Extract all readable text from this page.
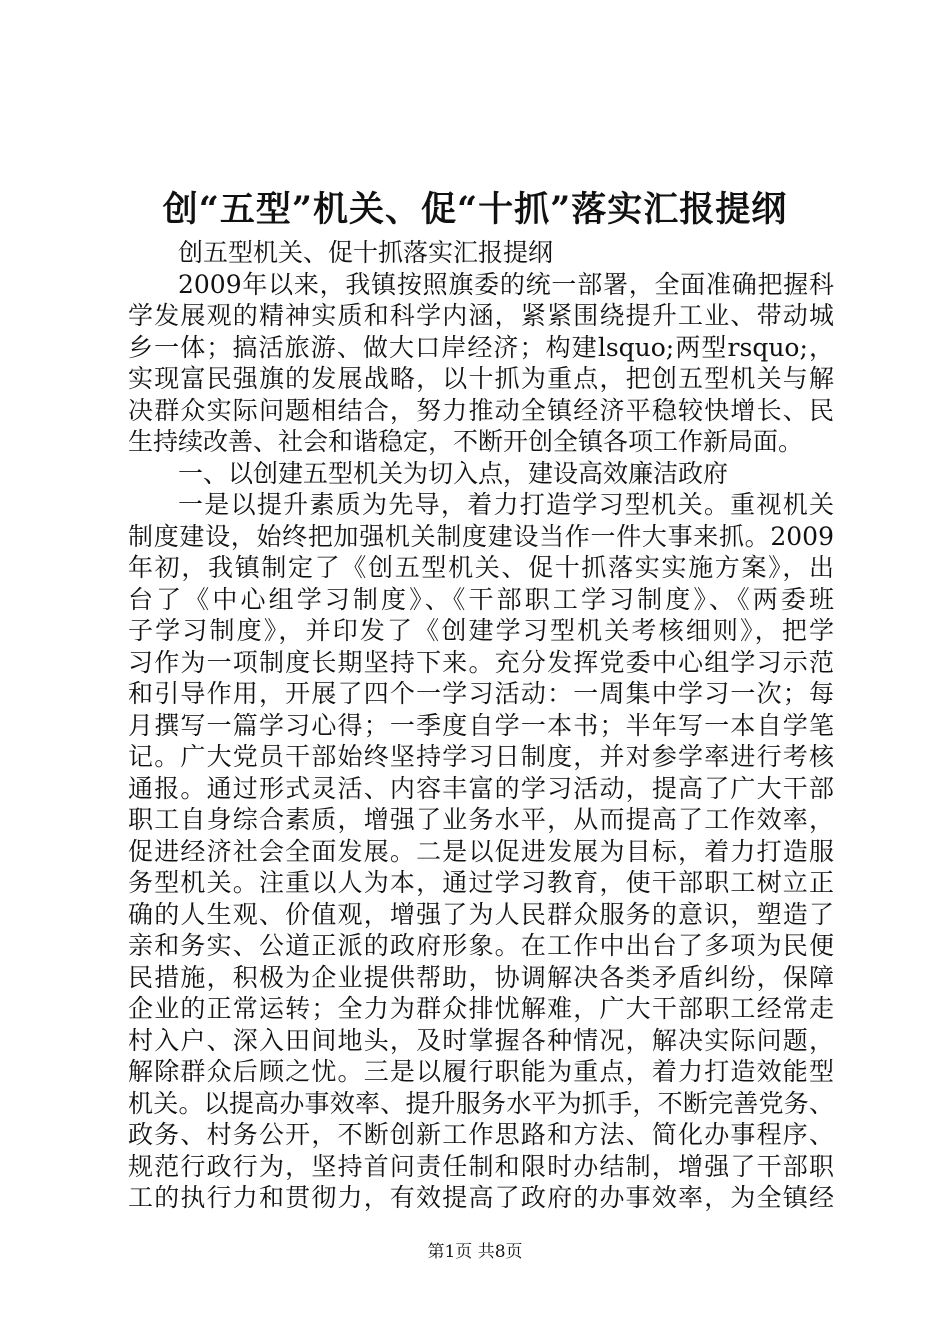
创“五型”机关、促“十抓”落实汇报提纲
创五型机关、促十抓落实汇报提纲
2009年以来，我镇按照旗委的统一部署，全面准确把握科
学发展观的精神实质和科学内涵，紧紧围绕提升工业、带动城
乡一体；搞活旅游、做大口岸经济；构建lsquo;两型rsquo;，
实现富民强旗的发展战略，以十抓为重点，把创五型机关与解
决群众实际问题相结合，努力推动全镇经济平稳较快增长、民
生持续改善、社会和谐稳定，不断开创全镇各项工作新局面。
一、以创建五型机关为切入点，建设高效廉洁政府
一是以提升素质为先导，着力打造学习型机关。重视机关
制度建设，始终把加强机关制度建设当作一件大事来抓。2009
年初，我镇制定了《创五型机关、促十抓落实实施方案》，出
台了《中心组学习制度》、《干部职工学习制度》、《两委班
子学习制度》，并印发了《创建学习型机关考核细则》，把学
习作为一项制度长期坚持下来。充分发挥党委中心组学习示范
和引导作用，开展了四个一学习活动：一周集中学习一次；每
月撰写一篇学习心得；一季度自学一本书；半年写一本自学笔
记。广大党员干部始终坚持学习日制度，并对参学率进行考核
通报。通过形式灵活、内容丰富的学习活动，提高了广大干部
职工自身综合素质，增强了业务水平，从而提高了工作效率，
促进经济社会全面发展。二是以促进发展为目标，着力打造服
务型机关。注重以人为本，通过学习教育，使干部职工树立正
确的人生观、价值观，增强了为人民群众服务的意识，塑造了
亲和务实、公道正派的政府形象。在工作中出台了多项为民便
民措施，积极为企业提供帮助，协调解决各类矛盾纠纷，保障
企业的正常运转；全力为群众排忧解难，广大干部职工经常走
村入户、深入田间地头，及时掌握各种情况，解决实际问题，
解除群众后顾之忧。三是以履行职能为重点，着力打造效能型
机关。以提高办事效率、提升服务水平为抓手，不断完善党务、
政务、村务公开，不断创新工作思路和方法、简化办事程序、
规范行政行为，坚持首问责任制和限时办结制，增强了干部职
工的执行力和贯彻力，有效提高了政府的办事效率，为全镇经
第1页 共8页
